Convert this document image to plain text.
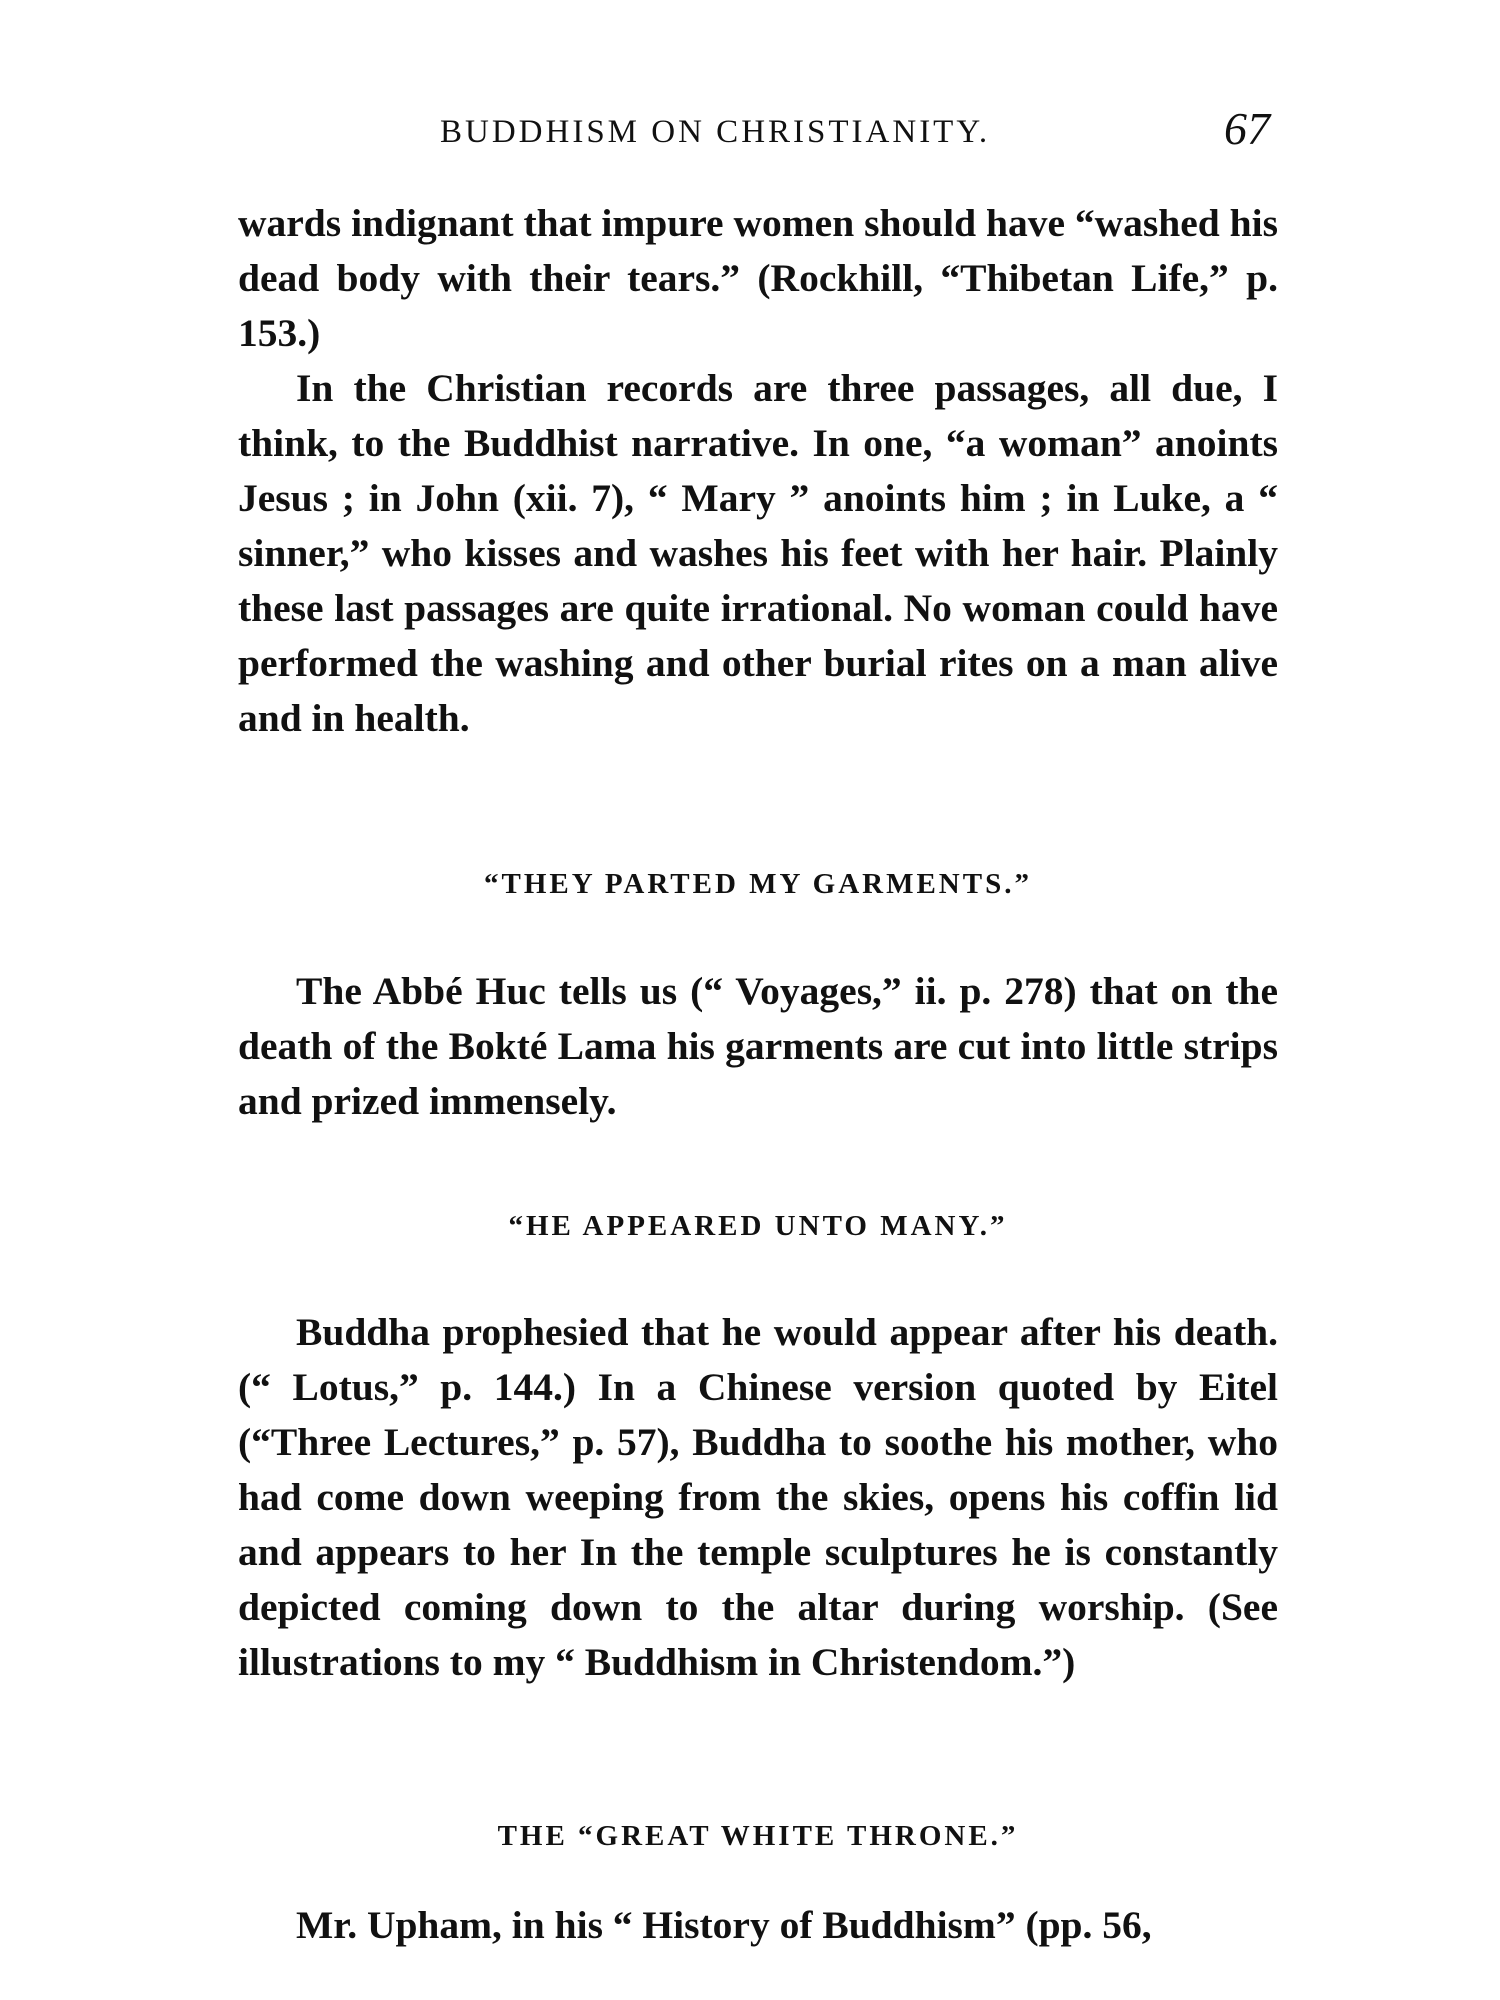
BUDDHISM ON CHRISTIANITY.	67

wards indignant that impure women should have “washed his dead body with their tears.” (Rockhill, “Thibetan Life,” p. 153.)

In the Christian records are three passages, all due, I think, to the Buddhist narrative. In one, “a woman” anoints Jesus ; in John (xii. 7), “ Mary ” anoints him ; in Luke, a “ sinner,” who kisses and washes his feet with her hair. Plainly these last passages are quite irrational. No woman could have performed the washing and other burial rites on a man alive and in health.

“THEY PARTED MY GARMENTS.”

The Abbé Huc tells us (“ Voyages,” ii. p. 278) that on the death of the Bokté Lama his garments are cut into little strips and prized immensely.

“HE APPEARED UNTO MANY.”

Buddha prophesied that he would appear after his death. (“ Lotus,” p. 144.) In a Chinese version quoted by Eitel (“Three Lectures,” p. 57), Buddha to soothe his mother, who had come down weeping from the skies, opens his coffin lid and appears to her In the temple sculptures he is constantly depicted coming down to the altar during worship. (See illustrations to my “ Buddhism in Christendom.”)

THE “GREAT WHITE THRONE.”

Mr. Upham, in his “ History of Buddhism” (pp. 56,
